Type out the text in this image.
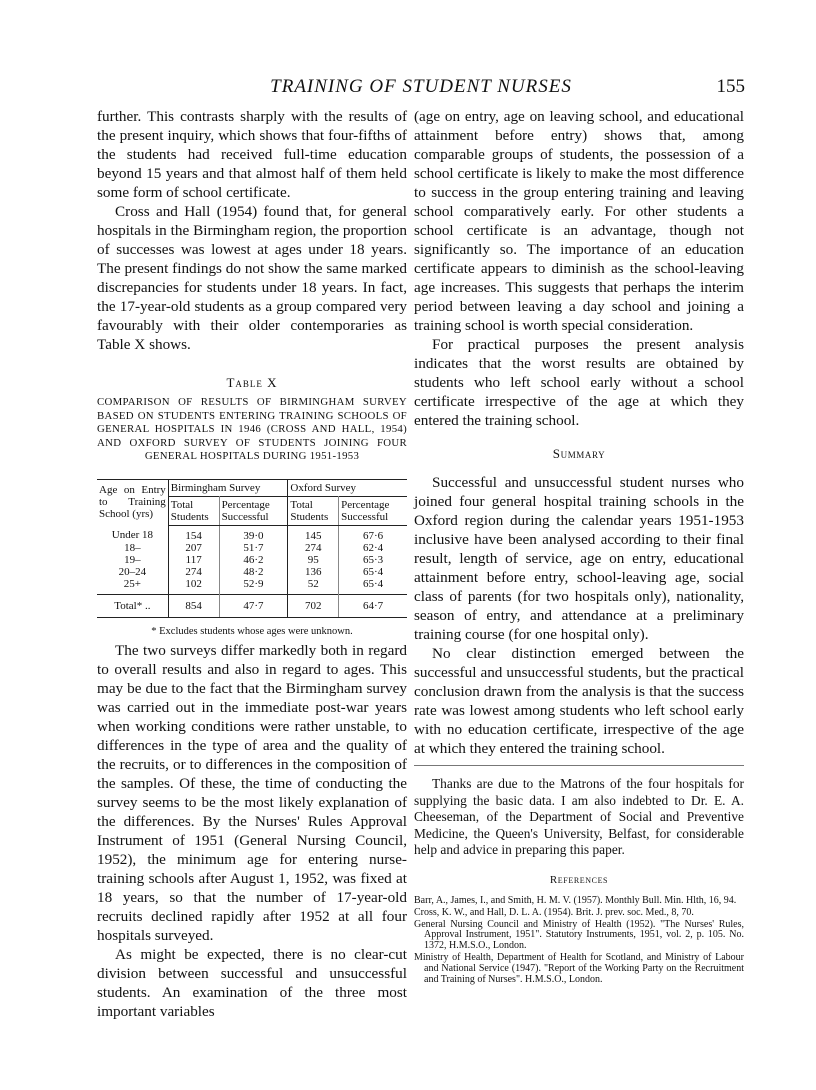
TRAINING OF STUDENT NURSES	155

further. This contrasts sharply with the results of the present inquiry, which shows that four-fifths of the students had received full-time education beyond 15 years and that almost half of them held some form of school certificate.

Cross and Hall (1954) found that, for general hospitals in the Birmingham region, the proportion of successes was lowest at ages under 18 years. The present findings do not show the same marked discrepancies for students under 18 years. In fact, the 17-year-old students as a group compared very favourably with their older contemporaries as Table X shows.

Table X
COMPARISON OF RESULTS OF BIRMINGHAM SURVEY BASED ON STUDENTS ENTERING TRAINING SCHOOLS OF GENERAL HOSPITALS IN 1946 (CROSS AND HALL, 1954) AND OXFORD SURVEY OF STUDENTS JOINING FOUR GENERAL HOSPITALS DURING 1951-1953
Age on Entry to Training School (yrs)	Birmingham Survey		Oxford Survey	
	Total Students	Percentage Successful	Total Students	Percentage Successful
Under 18	154	39·0	145	67·6
18–	207	51·7	274	62·4
19–	117	46·2	95	65·3
20–24	274	48·2	136	65·4
25+	102	52·9	52	65·4
Total* ..	854	47·7	702	64·7
* Excludes students whose ages were unknown.

The two surveys differ markedly both in regard to overall results and also in regard to ages. This may be due to the fact that the Birmingham survey was carried out in the immediate post-war years when working conditions were rather unstable, to differences in the type of area and the quality of the recruits, or to differences in the composition of the samples. Of these, the time of conducting the survey seems to be the most likely explanation of the differences. By the Nurses' Rules Approval Instrument of 1951 (General Nursing Council, 1952), the minimum age for entering nurse-training schools after August 1, 1952, was fixed at 18 years, so that the number of 17-year-old recruits declined rapidly after 1952 at all four hospitals surveyed.

As might be expected, there is no clear-cut division between successful and unsuccessful students. An examination of the three most important variables

(age on entry, age on leaving school, and educational attainment before entry) shows that, among comparable groups of students, the possession of a school certificate is likely to make the most difference to success in the group entering training and leaving school comparatively early. For other students a school certificate is an advantage, though not significantly so. The importance of an education certificate appears to diminish as the school-leaving age increases. This suggests that perhaps the interim period between leaving a day school and joining a training school is worth special consideration.

For practical purposes the present analysis indicates that the worst results are obtained by students who left school early without a school certificate irrespective of the age at which they entered the training school.

Summary

Successful and unsuccessful student nurses who joined four general hospital training schools in the Oxford region during the calendar years 1951-1953 inclusive have been analysed according to their final result, length of service, age on entry, educational attainment before entry, school-leaving age, social class of parents (for two hospitals only), nationality, season of entry, and attendance at a preliminary training course (for one hospital only).

No clear distinction emerged between the successful and unsuccessful students, but the practical conclusion drawn from the analysis is that the success rate was lowest among students who left school early with no education certificate, irrespective of the age at which they entered the training school.

Thanks are due to the Matrons of the four hospitals for supplying the basic data. I am also indebted to Dr. E. A. Cheeseman, of the Department of Social and Preventive Medicine, the Queen's University, Belfast, for considerable help and advice in preparing this paper.

References

Barr, A., James, I., and Smith, H. M. V. (1957). Monthly Bull. Min. Hlth, 16, 94.

Cross, K. W., and Hall, D. L. A. (1954). Brit. J. prev. soc. Med., 8, 70.

General Nursing Council and Ministry of Health (1952). "The Nurses' Rules, Approval Instrument, 1951". Statutory Instruments, 1951, vol. 2, p. 105. No. 1372, H.M.S.O., London.

Ministry of Health, Department of Health for Scotland, and Ministry of Labour and National Service (1947). "Report of the Working Party on the Recruitment and Training of Nurses". H.M.S.O., London.
